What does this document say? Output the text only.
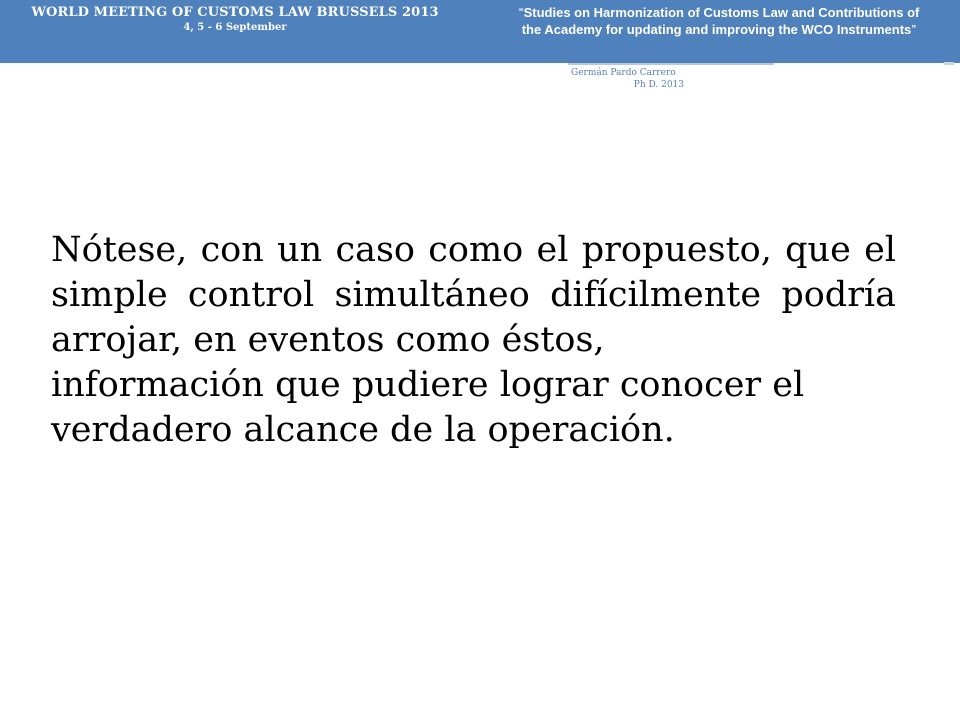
WORLD MEETING OF CUSTOMS LAW BRUSSELS 2013
4, 5 - 6 September
“Studies on Harmonization of Customs Law and Contributions of
the Academy for updating and improving the WCO Instruments”
Germán Pardo Carrero
Ph D. 2013
Nótese, con un caso como el propuesto, que el simple control simultáneo difícilmente podría arrojar, en eventos como éstos,
información que pudiere lograr conocer el verdadero alcance de la operación.
